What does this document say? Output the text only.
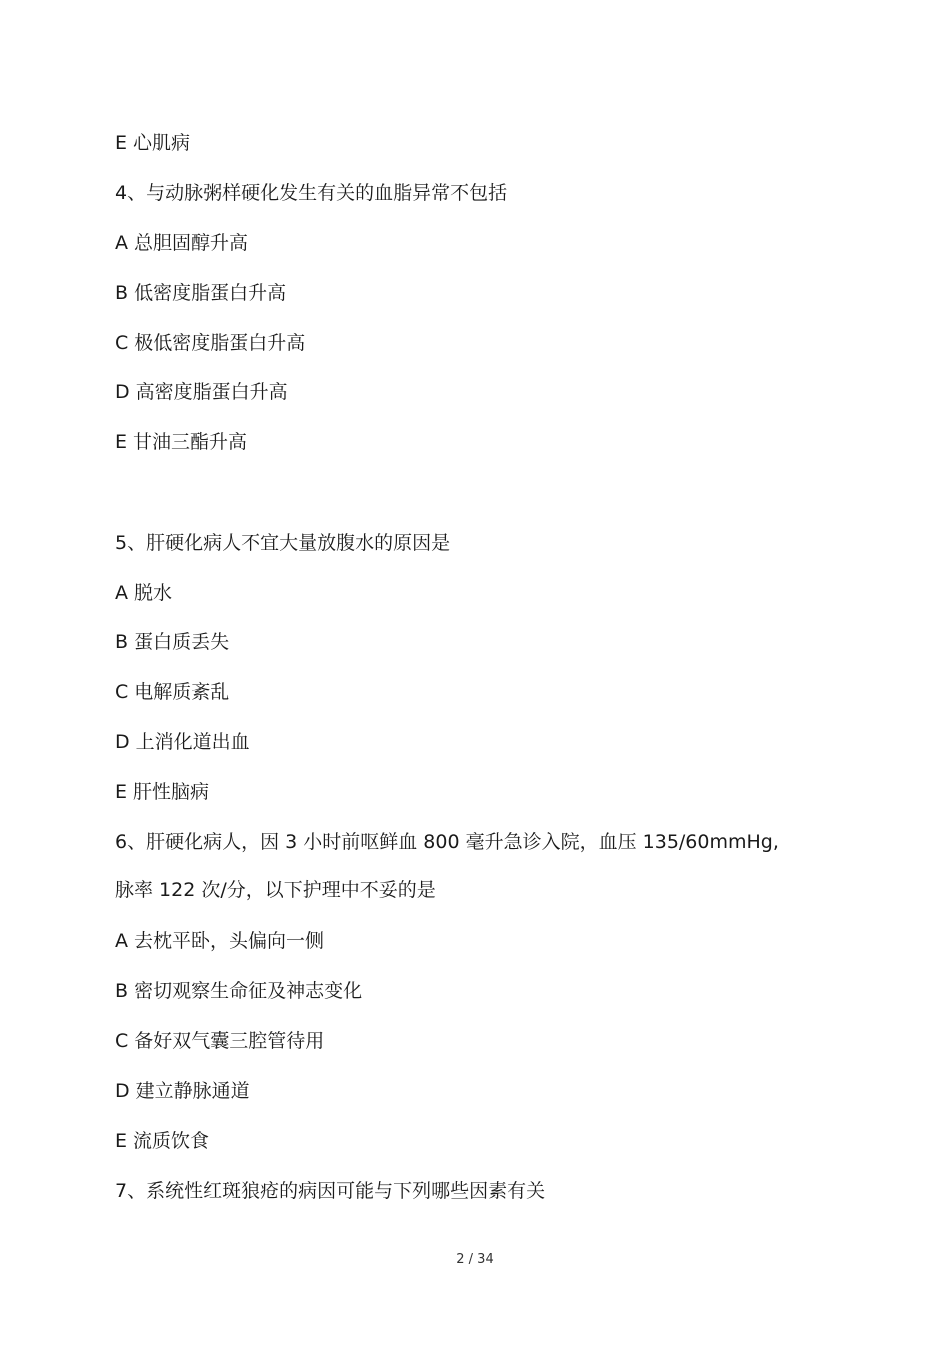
E 心肌病
4、与动脉粥样硬化发生有关的血脂异常不包括
A 总胆固醇升高
B 低密度脂蛋白升高
C 极低密度脂蛋白升高
D 高密度脂蛋白升高
E 甘油三酯升高
5、肝硬化病人不宜大量放腹水的原因是
A 脱水
B 蛋白质丢失
C 电解质紊乱
D 上消化道出血
E 肝性脑病
6、肝硬化病人，因 3 小时前呕鲜血 800 毫升急诊入院，血压 135/60mmHg,
脉率 122 次/分，以下护理中不妥的是
A 去枕平卧，头偏向一侧
B 密切观察生命征及神志变化
C 备好双气囊三腔管待用
D 建立静脉通道
E 流质饮食
7、系统性红斑狼疮的病因可能与下列哪些因素有关
2 / 34
